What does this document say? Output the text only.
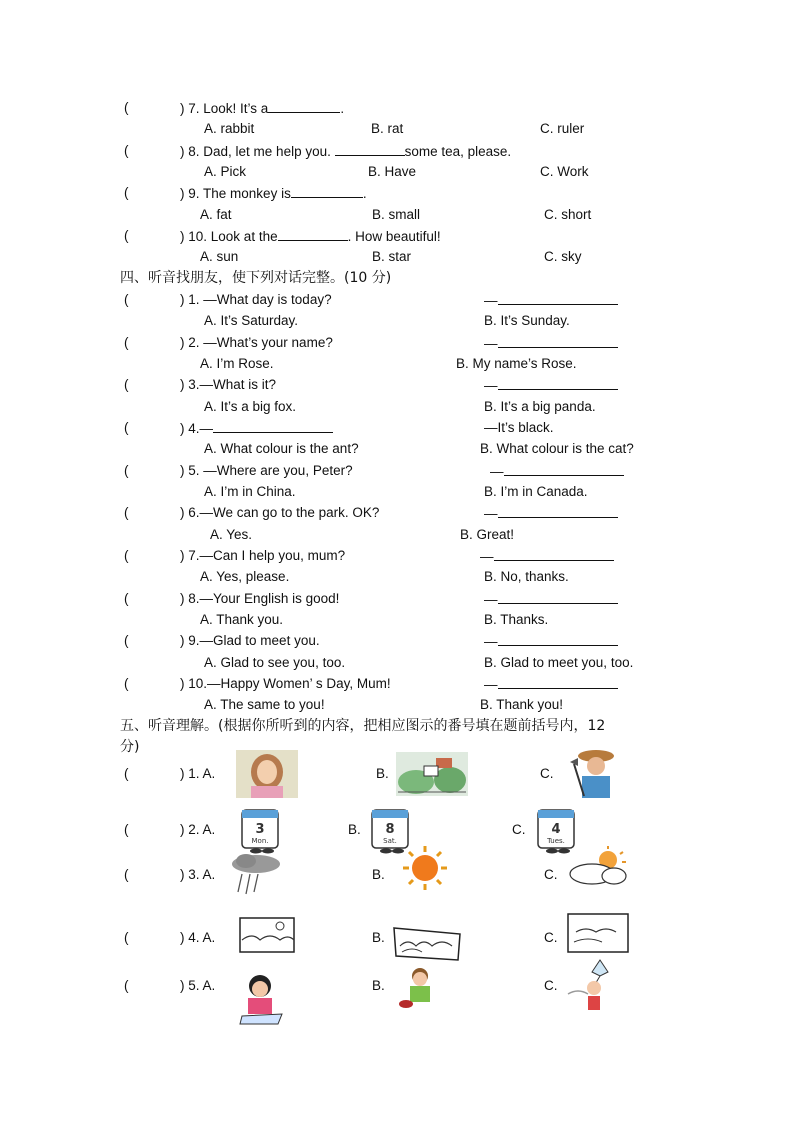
(	) 7. Look! It’s a	.
A. rabbit	B. rat	C. ruler
(	) 8. Dad, let me help you.	some tea, please.
A. Pick	B. Have	C. Work
(	) 9. The monkey is	.
A. fat	B. small	C. short
(	) 10. Look at the	. How beautiful!
A. sun	B. star	C. sky
四、听音找朋友，使下列对话完整。(10 分)
(	) 1. —What day is today?	—
A. It’s Saturday.	B. It’s Sunday.
(	) 2. —What’s your name?	—
A. I’m Rose.	B. My name’s Rose.
(	) 3.—What is it?	—
A. It’s a big fox.	B. It’s a big panda.
(	) 4.—	—It’s black.
A. What colour is the ant?	B. What colour is the cat?
(	) 5. —Where are you, Peter?	—
A. I’m in China.	B. I’m in Canada.
(	) 6.—We can go to the park. OK?	—
A. Yes.	B. Great!
(	) 7.—Can I help you, mum?	—
A. Yes, please.	B. No, thanks.
(	) 8.—Your English is good!	—
A. Thank you.	B. Thanks.
(	) 9.—Glad to meet you.	—
A. Glad to see you, too.	B. Glad to meet you, too.
(	) 10.—Happy Women’ s Day, Mum!	—
A. The same to you!	B. Thank you!
五、听音理解。(根据你所听到的内容，把相应图示的番号填在题前括号内，12
分)
(	) 1. A.	B.	C.
(	) 2. A.	3
Mon.
B. 8
Sat.
C. 4
Tues.
(	) 3. A.	B.	C.
(	) 4. A.	B.	C.
(	) 5. A.	B.	C.
